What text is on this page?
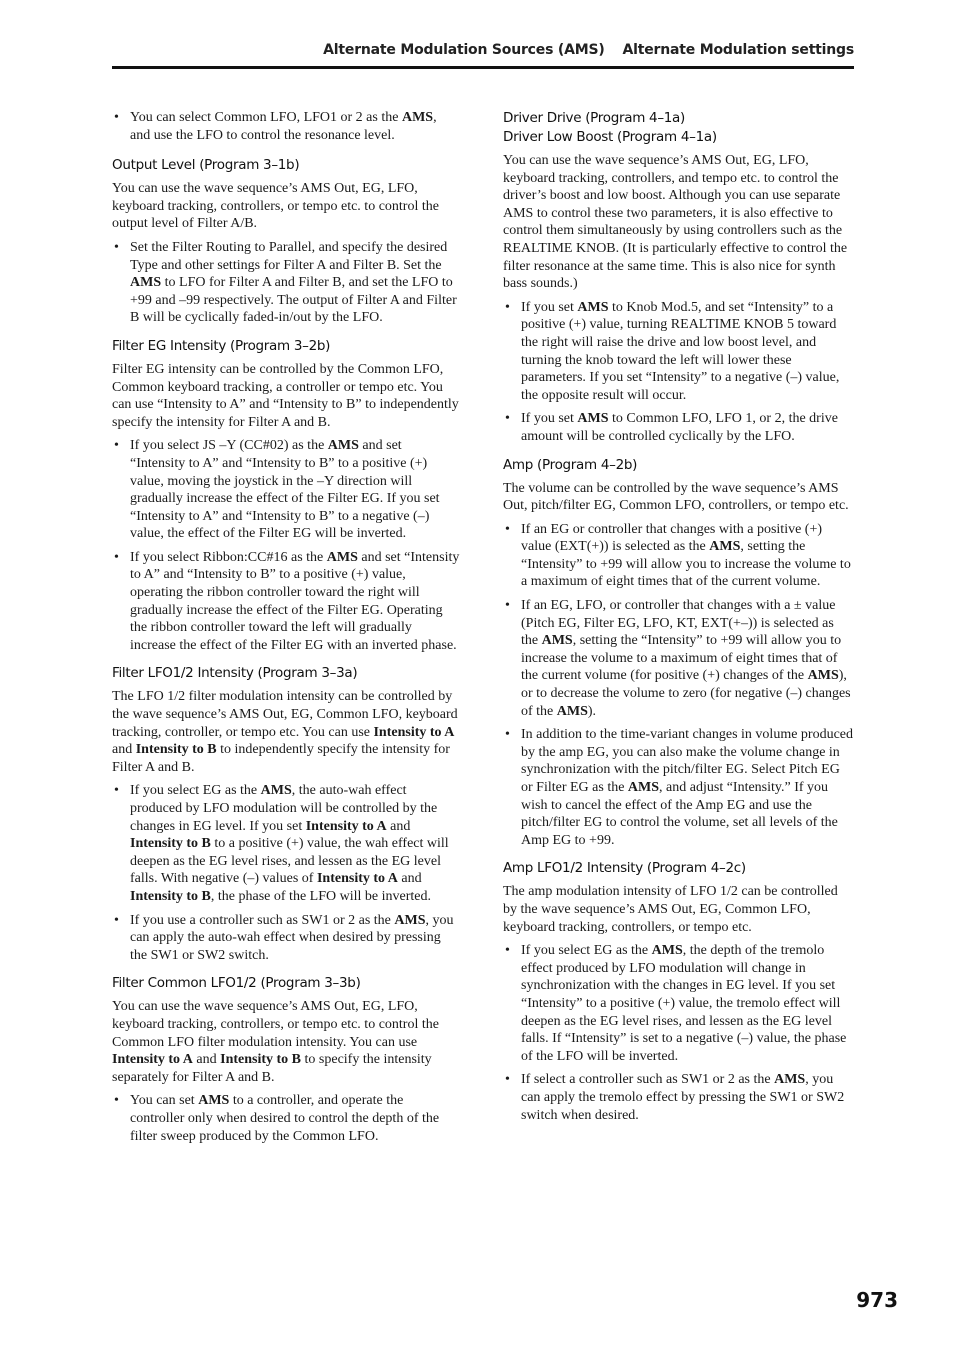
Alternate Modulation Sources (AMS) Alternate Modulation settings
• You can select Common LFO, LFO1 or 2 as the AMS, and use the LFO to control the resonance level.
Output Level (Program 3–1b)

You can use the wave sequence’s AMS Out, EG, LFO, keyboard tracking, controllers, or tempo etc. to control the output level of Filter A/B.

• Set the Filter Routing to Parallel, and specify the desired Type and other settings for Filter A and Filter B. Set the AMS to LFO for Filter A and Filter B, and set the LFO to +99 and –99 respectively. The output of Filter A and Filter B will be cyclically faded-in/out by the LFO.
Filter EG Intensity (Program 3–2b)

Filter EG intensity can be controlled by the Common LFO, Common keyboard tracking, a controller or tempo etc. You can use “Intensity to A” and “Intensity to B” to independently specify the intensity for Filter A and B.

• If you select JS –Y (CC#02) as the AMS and set “Intensity to A” and “Intensity to B” to a positive (+) value, moving the joystick in the –Y direction will gradually increase the effect of the Filter EG. If you set “Intensity to A” and “Intensity to B” to a negative (–) value, the effect of the Filter EG will be inverted.
• If you select Ribbon:CC#16 as the AMS and set “Intensity to A” and “Intensity to B” to a positive (+) value, operating the ribbon controller toward the right will gradually increase the effect of the Filter EG. Operating the ribbon controller toward the left will gradually increase the effect of the Filter EG with an inverted phase.
Filter LFO1/2 Intensity (Program 3–3a)

The LFO 1/2 filter modulation intensity can be controlled by the wave sequence’s AMS Out, EG, Common LFO, keyboard tracking, controller, or tempo etc. You can use Intensity to A and Intensity to B to independently specify the intensity for Filter A and B.

• If you select EG as the AMS, the auto-wah effect produced by LFO modulation will be controlled by the changes in EG level. If you set Intensity to A and Intensity to B to a positive (+) value, the wah effect will deepen as the EG level rises, and lessen as the EG level falls. With negative (–) values of Intensity to A and Intensity to B, the phase of the LFO will be inverted.
• If you use a controller such as SW1 or 2 as the AMS, you can apply the auto-wah effect when desired by pressing the SW1 or SW2 switch.
Filter Common LFO1/2 (Program 3–3b)

You can use the wave sequence’s AMS Out, EG, LFO, keyboard tracking, controllers, or tempo etc. to control the Common LFO filter modulation intensity. You can use Intensity to A and Intensity to B to specify the intensity separately for Filter A and B.

• You can set AMS to a controller, and operate the controller only when desired to control the depth of the filter sweep produced by the Common LFO.
Driver Drive (Program 4–1a)
Driver Low Boost (Program 4–1a)

You can use the wave sequence’s AMS Out, EG, LFO, keyboard tracking, controllers, and tempo etc. to control the driver’s boost and low boost. Although you can use separate AMS to control these two parameters, it is also effective to control them simultaneously by using controllers such as the REALTIME KNOB. (It is particularly effective to control the filter resonance at the same time. This is also nice for synth bass sounds.)

• If you set AMS to Knob Mod.5, and set “Intensity” to a positive (+) value, turning REALTIME KNOB 5 toward the right will raise the drive and low boost level, and turning the knob toward the left will lower these parameters. If you set “Intensity” to a negative (–) value, the opposite result will occur.
• If you set AMS to Common LFO, LFO 1, or 2, the drive amount will be controlled cyclically by the LFO.
Amp (Program 4–2b)

The volume can be controlled by the wave sequence’s AMS Out, pitch/filter EG, Common LFO, controllers, or tempo etc.

• If an EG or controller that changes with a positive (+) value (EXT(+)) is selected as the AMS, setting the “Intensity” to +99 will allow you to increase the volume to a maximum of eight times that of the current volume.
• If an EG, LFO, or controller that changes with a ± value (Pitch EG, Filter EG, LFO, KT, EXT(+–)) is selected as the AMS, setting the “Intensity” to +99 will allow you to increase the volume to a maximum of eight times that of the current volume (for positive (+) changes of the AMS), or to decrease the volume to zero (for negative (–) changes of the AMS).
• In addition to the time-variant changes in volume produced by the amp EG, you can also make the volume change in synchronization with the pitch/filter EG. Select Pitch EG or Filter EG as the AMS, and adjust “Intensity.” If you wish to cancel the effect of the Amp EG and use the pitch/filter EG to control the volume, set all levels of the Amp EG to +99.
Amp LFO1/2 Intensity (Program 4–2c)

The amp modulation intensity of LFO 1/2 can be controlled by the wave sequence’s AMS Out, EG, Common LFO, keyboard tracking, controllers, or tempo etc.

• If you select EG as the AMS, the depth of the tremolo effect produced by LFO modulation will change in synchronization with the changes in EG level. If you set “Intensity” to a positive (+) value, the tremolo effect will deepen as the EG level rises, and lessen as the EG level falls. If “Intensity” is set to a negative (–) value, the phase of the LFO will be inverted.
• If select a controller such as SW1 or 2 as the AMS, you can apply the tremolo effect by pressing the SW1 or SW2 switch when desired.
973
